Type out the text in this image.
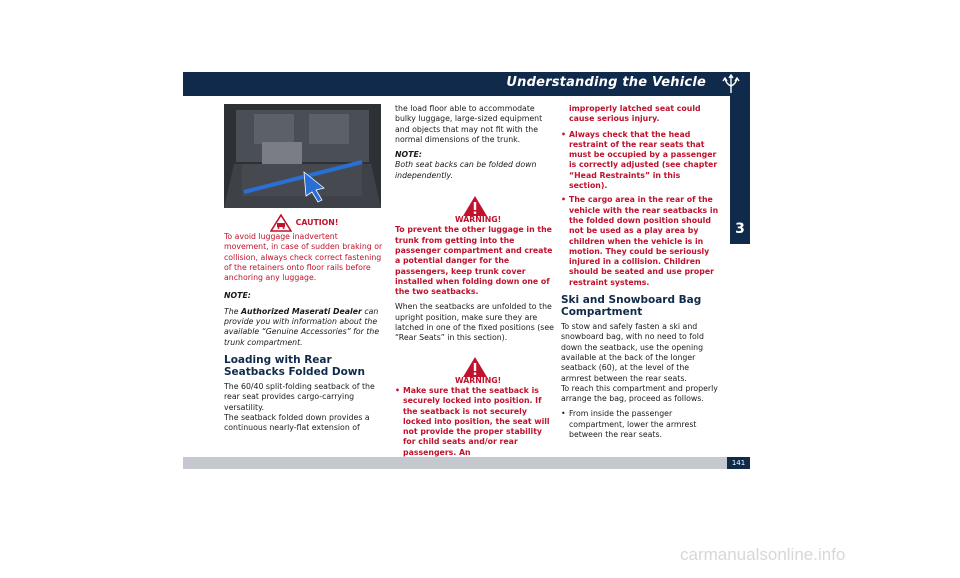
Understanding the Vehicle
3
141

CAUTION!

To avoid luggage inadvertent movement, in case of sudden braking or collision, always check correct fastening of the retainers onto floor rails before anchoring any luggage.

NOTE:

The Authorized Maserati Dealer can provide you with information about the available “Genuine Accessories” for the trunk compartment.

Loading with Rear Seatbacks Folded Down

The 60/40 split-folding seatback of the rear seat provides cargo-carrying versatility.

The seatback folded down provides a continuous nearly-flat extension of

the load floor able to accommodate bulky luggage, large-sized equipment and objects that may not fit with the normal dimensions of the trunk.

NOTE:

Both seat backs can be folded down independently.

WARNING!

To prevent the other luggage in the trunk from getting into the passenger compartment and create a potential danger for the passengers, keep trunk cover installed when folding down one of the two seatbacks.

When the seatbacks are unfolded to the upright position, make sure they are latched in one of the fixed positions (see “Rear Seats” in this section).

WARNING!

• Make sure that the seatback is securely locked into position. If the seatback is not securely locked into position, the seat will not provide the proper stability for child seats and/or rear passengers. An

improperly latched seat could cause serious injury.

• Always check that the head restraint of the rear seats that must be occupied by a passenger is correctly adjusted (see chapter “Head Restraints” in this section).
• The cargo area in the rear of the vehicle with the rear seatbacks in the folded down position should not be used as a play area by children when the vehicle is in motion. They could be seriously injured in a collision. Children should be seated and use proper restraint systems.
Ski and Snowboard Bag Compartment

To stow and safely fasten a ski and snowboard bag, with no need to fold down the seatback, use the opening available at the back of the longer seatback (60), at the level of the armrest between the rear seats.

To reach this compartment and properly arrange the bag, proceed as follows.

• From inside the passenger compartment, lower the armrest between the rear seats.
carmanualsonline.info
